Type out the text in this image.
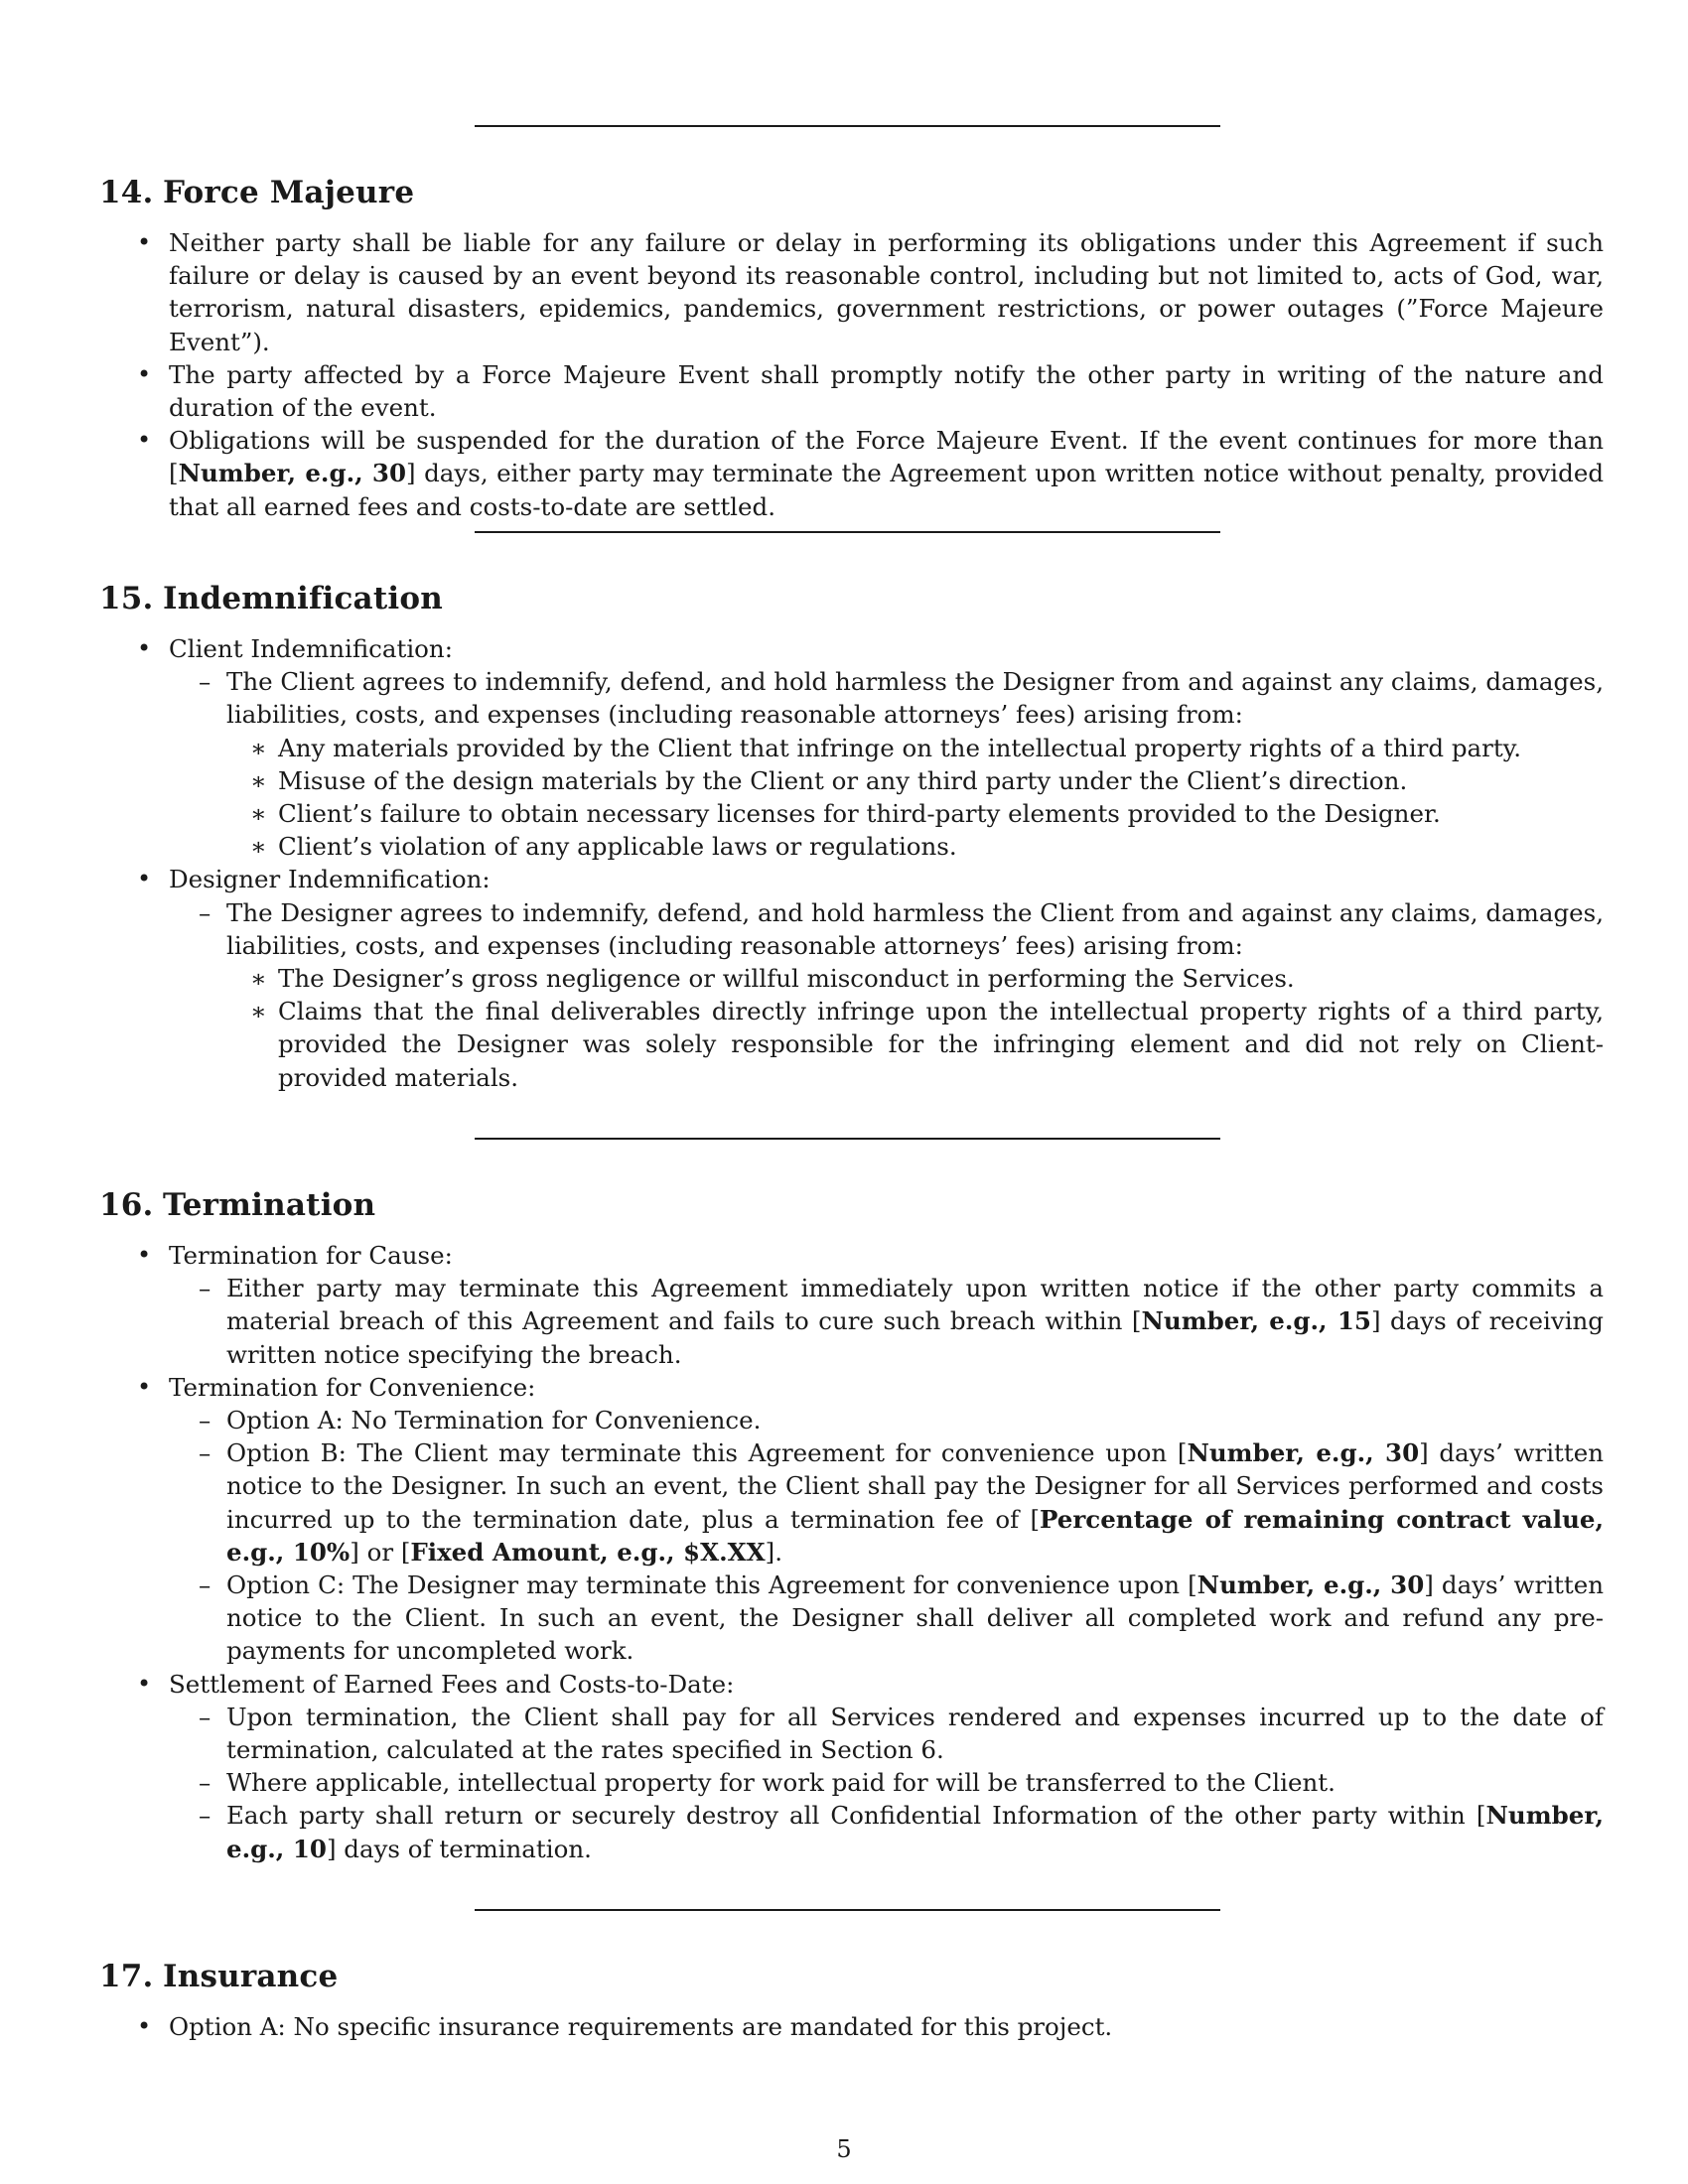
14. Force Majeure
• Neither party shall be liable for any failure or delay in performing its obligations under this Agreement if such failure or delay is caused by an event beyond its reasonable control, including but not limited to, acts of God, war, terrorism, natural disasters, epidemics, pandemics, government restrictions, or power outages (”Force Majeure Event”).
• The party affected by a Force Majeure Event shall promptly notify the other party in writing of the nature and duration of the event.
• Obligations will be suspended for the duration of the Force Majeure Event. If the event continues for more than [Number, e.g., 30] days, either party may terminate the Agreement upon written notice without penalty, provided that all earned fees and costs-to-date are settled.
15. Indemnification
• Client Indemnification:
– The Client agrees to indemnify, defend, and hold harmless the Designer from and against any claims, damages, liabilities, costs, and expenses (including reasonable attorneys’ fees) arising from:
∗ Any materials provided by the Client that infringe on the intellectual property rights of a third party.
∗ Misuse of the design materials by the Client or any third party under the Client’s direction.
∗ Client’s failure to obtain necessary licenses for third-party elements provided to the Designer.
∗ Client’s violation of any applicable laws or regulations.
• Designer Indemnification:
– The Designer agrees to indemnify, defend, and hold harmless the Client from and against any claims, damages, liabilities, costs, and expenses (including reasonable attorneys’ fees) arising from:
∗ The Designer’s gross negligence or willful misconduct in performing the Services.
∗ Claims that the final deliverables directly infringe upon the intellectual property rights of a third party, provided the Designer was solely responsible for the infringing element and did not rely on Client-provided materials.
16. Termination
• Termination for Cause:
– Either party may terminate this Agreement immediately upon written notice if the other party commits a material breach of this Agreement and fails to cure such breach within [Number, e.g., 15] days of receiving written notice specifying the breach.
• Termination for Convenience:
– Option A: No Termination for Convenience.
– Option B: The Client may terminate this Agreement for convenience upon [Number, e.g., 30] days’ written notice to the Designer. In such an event, the Client shall pay the Designer for all Services performed and costs incurred up to the termination date, plus a termination fee of [Percentage of remaining contract value, e.g., 10%] or [Fixed Amount, e.g., $X.XX].
– Option C: The Designer may terminate this Agreement for convenience upon [Number, e.g., 30] days’ written notice to the Client. In such an event, the Designer shall deliver all completed work and refund any pre-payments for uncompleted work.
• Settlement of Earned Fees and Costs-to-Date:
– Upon termination, the Client shall pay for all Services rendered and expenses incurred up to the date of termination, calculated at the rates specified in Section 6.
– Where applicable, intellectual property for work paid for will be transferred to the Client.
– Each party shall return or securely destroy all Confidential Information of the other party within [Number, e.g., 10] days of termination.
17. Insurance
• Option A: No specific insurance requirements are mandated for this project.
5
